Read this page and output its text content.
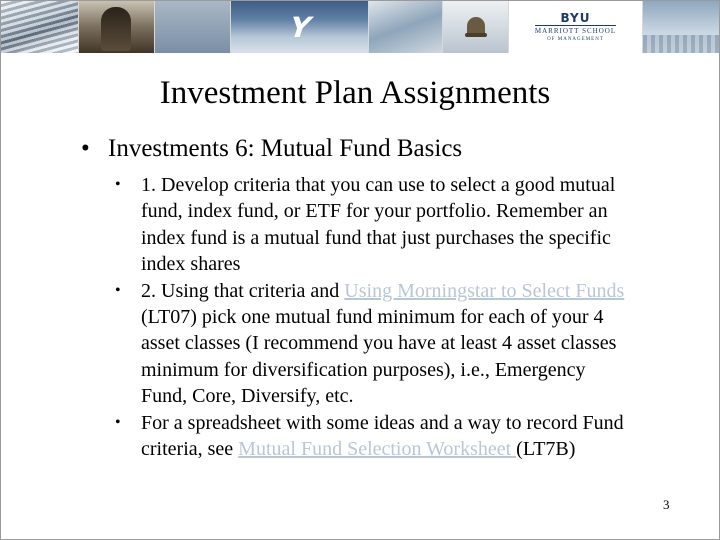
Y	BYU
MARRIOTT SCHOOL
OF MANAGEMENT
Investment Plan Assignments
• Investments 6: Mutual Fund Basics
•	1. Develop criteria that you can use to select a good mutual fund, index fund, or ETF for your portfolio. Remember an index fund is a mutual fund that just purchases the specific index shares
•	2. Using that criteria and Using Morningstar to Select Funds (LT07) pick one mutual fund minimum for each of your 4 asset classes (I recommend you have at least 4 asset classes minimum for diversification purposes), i.e., Emergency Fund, Core, Diversify, etc.
•	For a spreadsheet with some ideas and a way to record Fund criteria, see Mutual Fund Selection Worksheet (LT7B)
3
